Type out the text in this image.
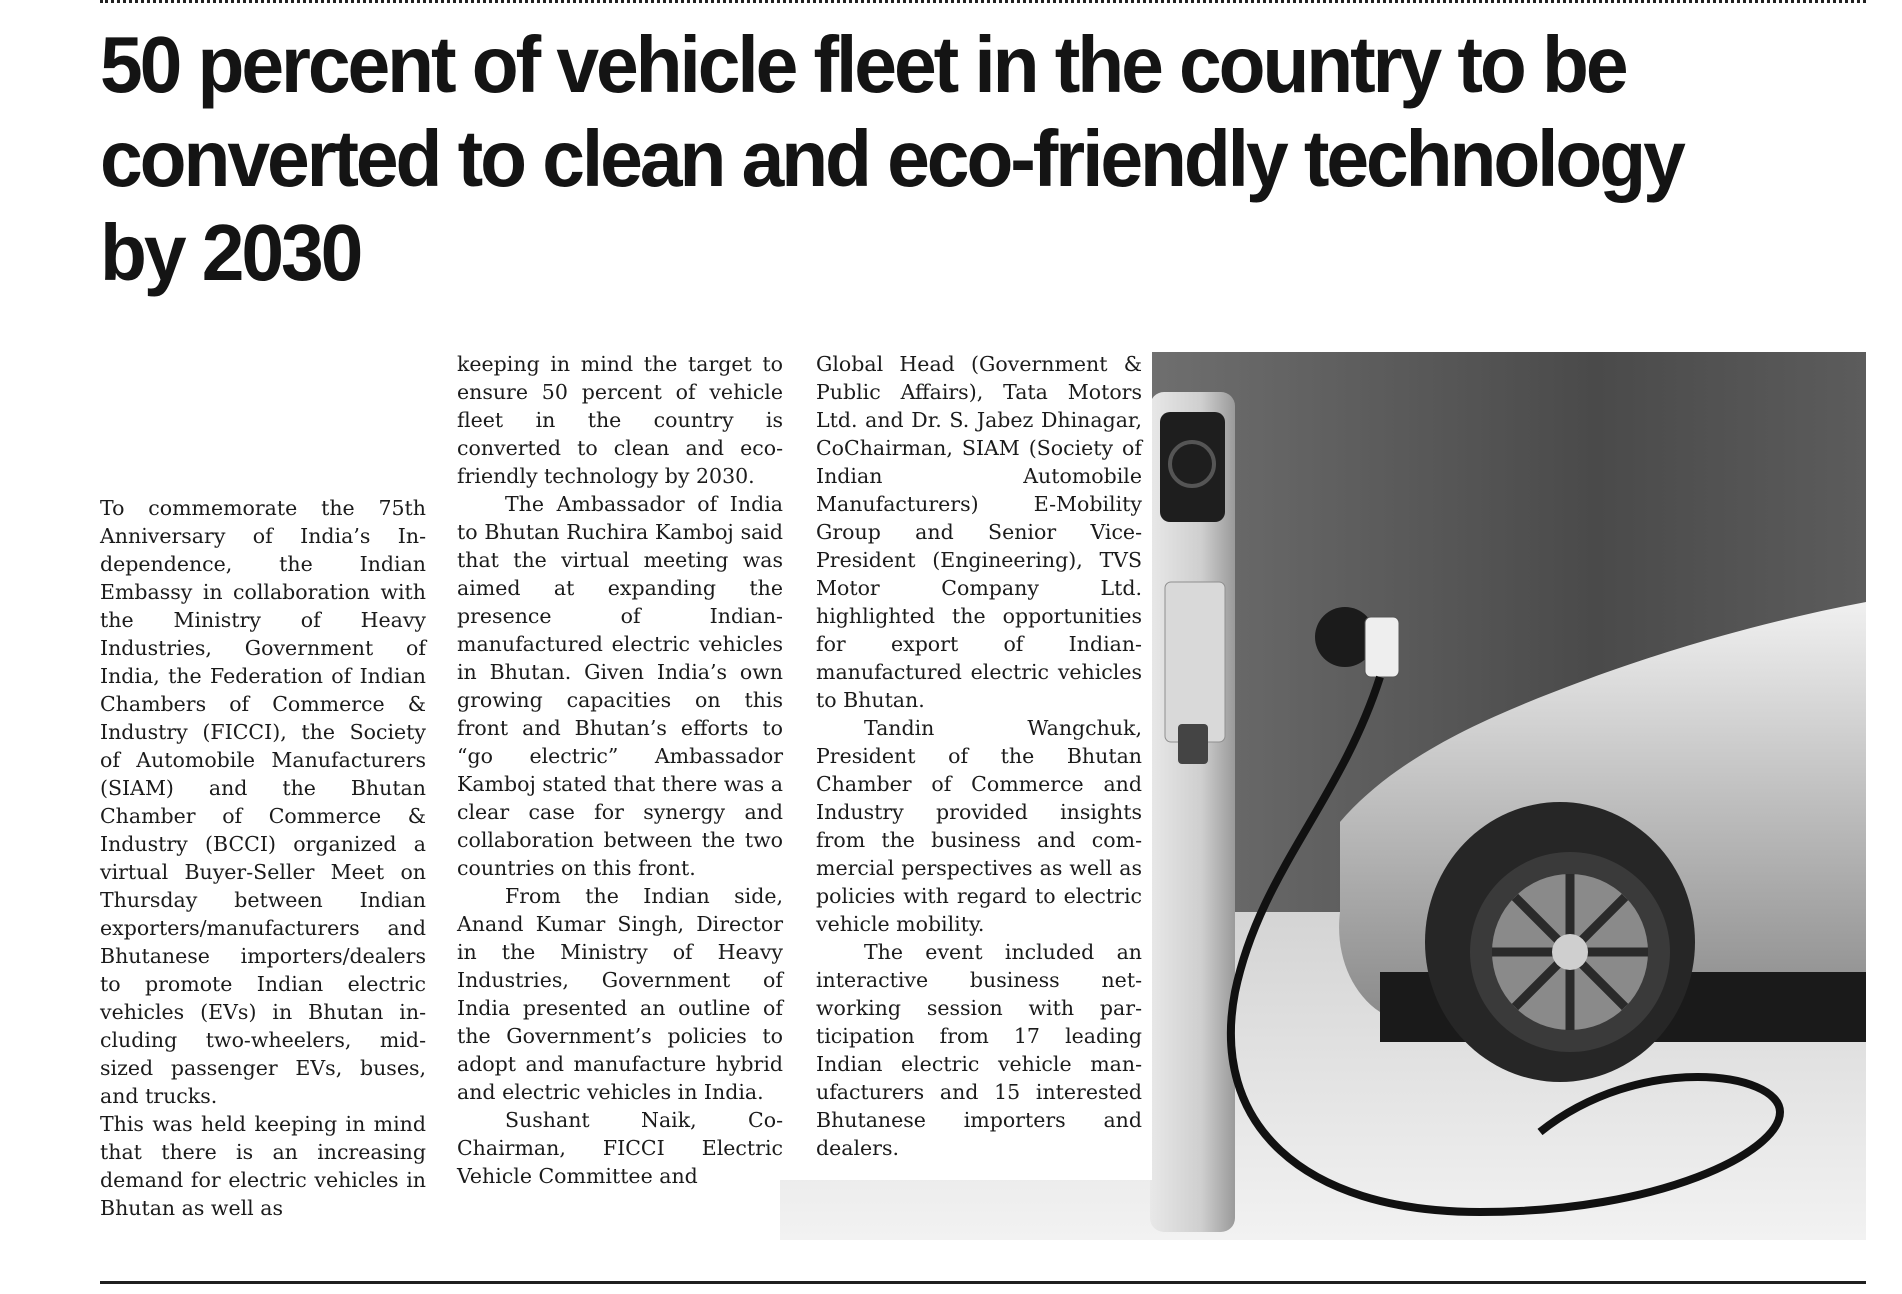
50 percent of vehicle fleet in the country to be converted to clean and eco-friendly technology by 2030

To commemorate the 75th Anniversary of India’s Independence, the Indian Embassy in collaboration with the Ministry of Heavy Industries, Government of India, the Federation of Indian Chambers of Commerce & Industry (FICCI), the Society of Automobile Manufacturers (SIAM) and the Bhutan Chamber of Commerce & Industry (BCCI) organized a virtual Buyer-Seller Meet on Thursday between Indian exporters/manufacturers and Bhutanese importers/dealers to promote Indian electric vehicles (EVs) in Bhutan including two-wheelers, midsized passenger EVs, buses, and trucks.

This was held keeping in mind that there is an increasing demand for electric vehicles in Bhutan as well as

keeping in mind the target to ensure 50 percent of vehicle fleet in the country is converted to clean and eco-friendly technology by 2030.

The Ambassador of India to Bhutan Ruchira Kamboj said that the virtual meeting was aimed at expanding the presence of Indian-manufactured electric vehicles in Bhutan. Given India’s own growing capacities on this front and Bhutan’s efforts to “go electric” Ambassador Kamboj stated that there was a clear case for synergy and collaboration between the two countries on this front.

From the Indian side, Anand Kumar Singh, Director in the Ministry of Heavy Industries, Government of India presented an outline of the Government’s policies to adopt and manufacture hybrid and electric vehicles in India.

Sushant Naik, Co-Chairman, FICCI Electric Vehicle Committee and

Global Head (Government & Public Affairs), Tata Motors Ltd. and Dr. S. Jabez Dhinagar, CoChairman, SIAM (Society of Indian Automobile Manufacturers) E-Mobility Group and Senior Vice-President (Engineering), TVS Motor Company Ltd. highlighted the opportunities for export of Indian-manufactured electric vehicles to Bhutan.

Tandin Wangchuk, President of the Bhutan Chamber of Commerce and Industry provided insights from the business and commercial perspectives as well as policies with regard to electric vehicle mobility.

The event included an interactive business networking session with participation from 17 leading Indian electric vehicle manufacturers and 15 interested Bhutanese importers and dealers.
